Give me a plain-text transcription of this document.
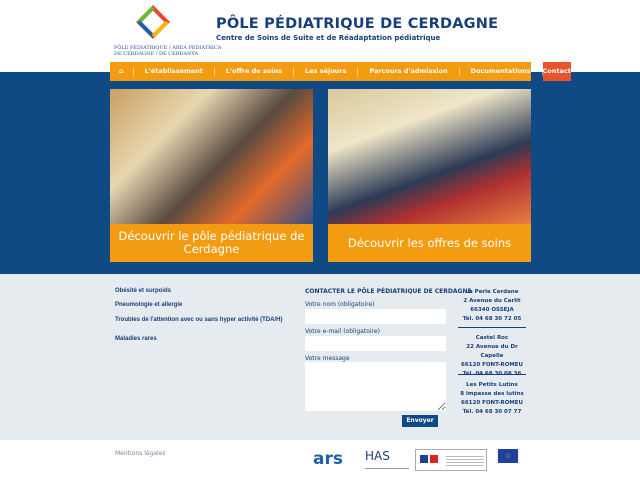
PÔLE PÉDIATRIQUE / ÀREA PEDIÀTRICA
DE CERDAGNE / DE CERDANYA
PÔLE PÉDIATRIQUE DE CERDAGNE
Centre de Soins de Suite et de Réadaptation pédiatrique
⌂	L'établissement	L'offre de soins	Les séjours	Parcours d'admission	Documentations	Contact
Découvrir le pôle pédiatrique de Cerdagne	Découvrir les offres de soins
Obésité et surpoids
Pneumologie et allergie
Troubles de l'attention avec ou sans hyper activité (TDA/H)
Maladies rares
CONTACTER LE PÔLE PÉDIATRIQUE DE CERDAGNE
Votre nom (obligatoire)
Votre e-mail (obligatoire)
Votre message
Envoyer
La Perle Cerdane
2 Avenue du Carlit
66340 OSSEJA
Tél. 04 68 30 72 05
Castel Roc
22 Avenue du Dr Capelle
66120 FONT-ROMEU
Les Petits Lutins
8 impasse des lutins
66120 FONT-ROMEU
Tél. 04 68 30 07 77
Mentions légales	ars	HAS	☆
